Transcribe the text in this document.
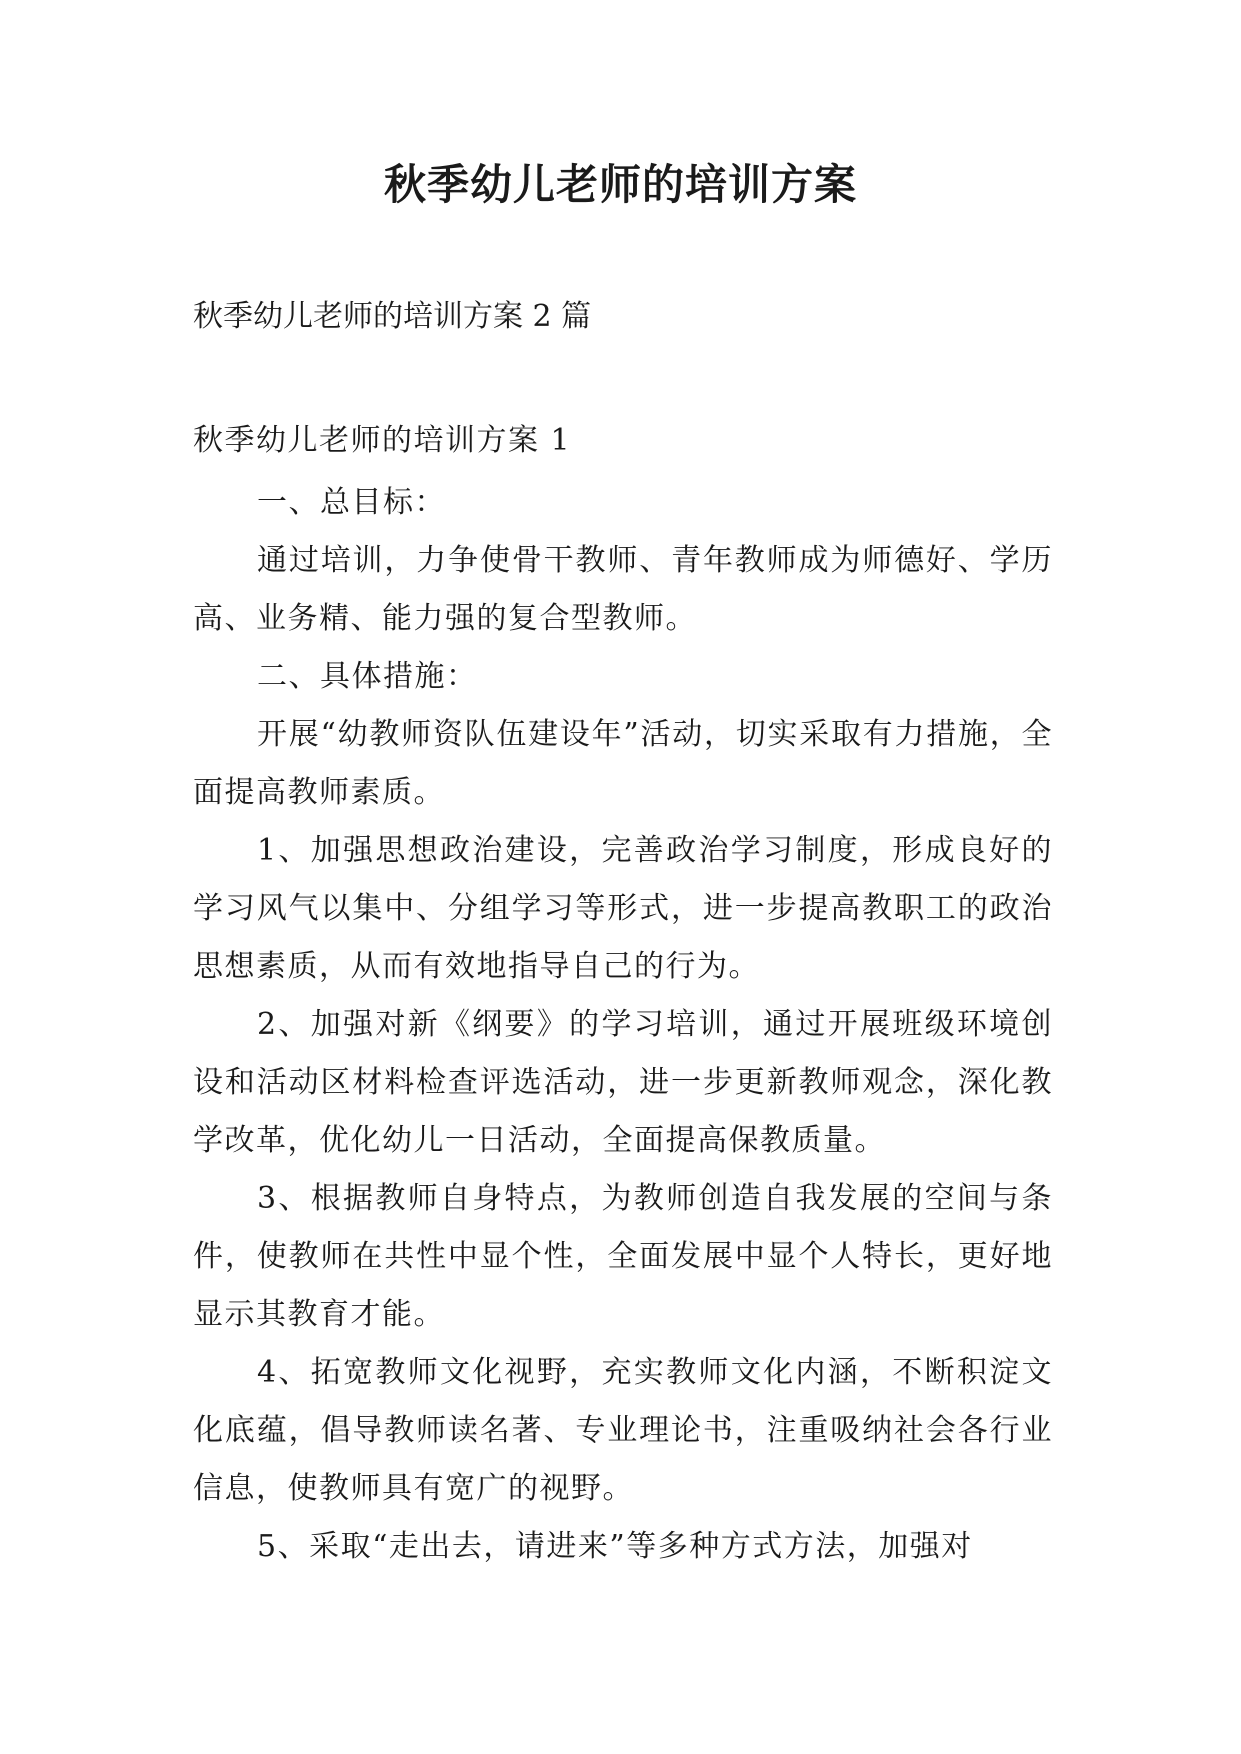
秋季幼儿老师的培训方案

秋季幼儿老师的培训方案 2 篇

秋季幼儿老师的培训方案 1

一、总目标：

通过培训，力争使骨干教师、青年教师成为师德好、学历高、业务精、能力强的复合型教师。

二、具体措施：

开展“幼教师资队伍建设年”活动，切实采取有力措施，全面提高教师素质。

1、加强思想政治建设，完善政治学习制度，形成良好的学习风气以集中、分组学习等形式，进一步提高教职工的政治思想素质，从而有效地指导自己的行为。

2、加强对新《纲要》的学习培训，通过开展班级环境创设和活动区材料检查评选活动，进一步更新教师观念，深化教学改革，优化幼儿一日活动，全面提高保教质量。

3、根据教师自身特点，为教师创造自我发展的空间与条件，使教师在共性中显个性，全面发展中显个人特长，更好地显示其教育才能。

4、拓宽教师文化视野，充实教师文化内涵，不断积淀文化底蕴，倡导教师读名著、专业理论书，注重吸纳社会各行业信息，使教师具有宽广的视野。

5、采取“走出去，请进来”等多种方式方法，加强对
